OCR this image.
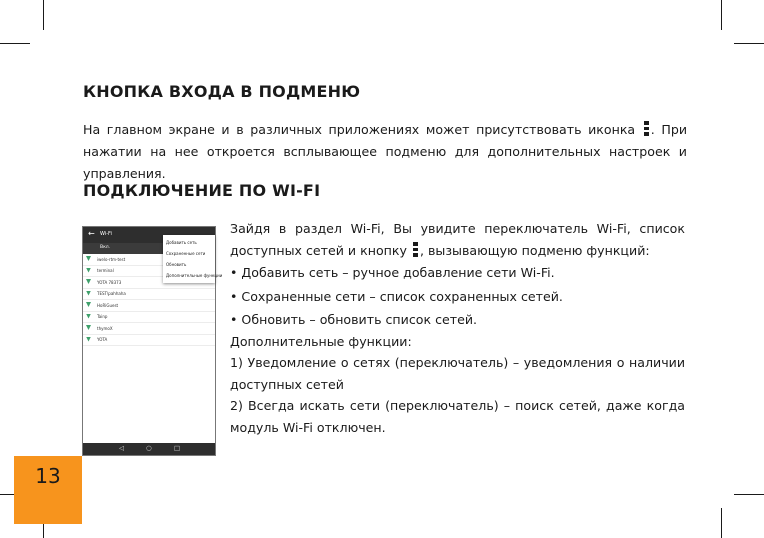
КНОПКА ВХОДА В ПОДМЕНЮ

На главном экране и в различных приложениях может присутствовать иконка . При нажатии на нее откроется всплывающее подменю для дополнительных настроек и управления.

ПОДКЛЮЧЕНИЕ ПО WI-FI
← Wi-Fi
Вкл.
iwelo-rtm-test
terminal
YOTA 78373
TEST\pahhaha
HoRiGuest
Tainp
thymoX
YOTA
Добавить сеть
Сохраненные сети
Обновить
Дополнительные функции
◁	○	□

Зайдя в раздел Wi-Fi, Вы увидите переключатель Wi-Fi, список доступных сетей и кнопку , вызывающую подменю функций:

• Добавить сеть – ручное добавление сети Wi-Fi.

• Сохраненные сети – список сохраненных сетей.

• Обновить – обновить список сетей.

Дополнительные функции:

1) Уведомление о сетях (переключатель) – уведомления о наличии доступных сетей

2) Всегда искать сети (переключатель) – поиск сетей, даже когда модуль Wi-Fi отключен.

13
